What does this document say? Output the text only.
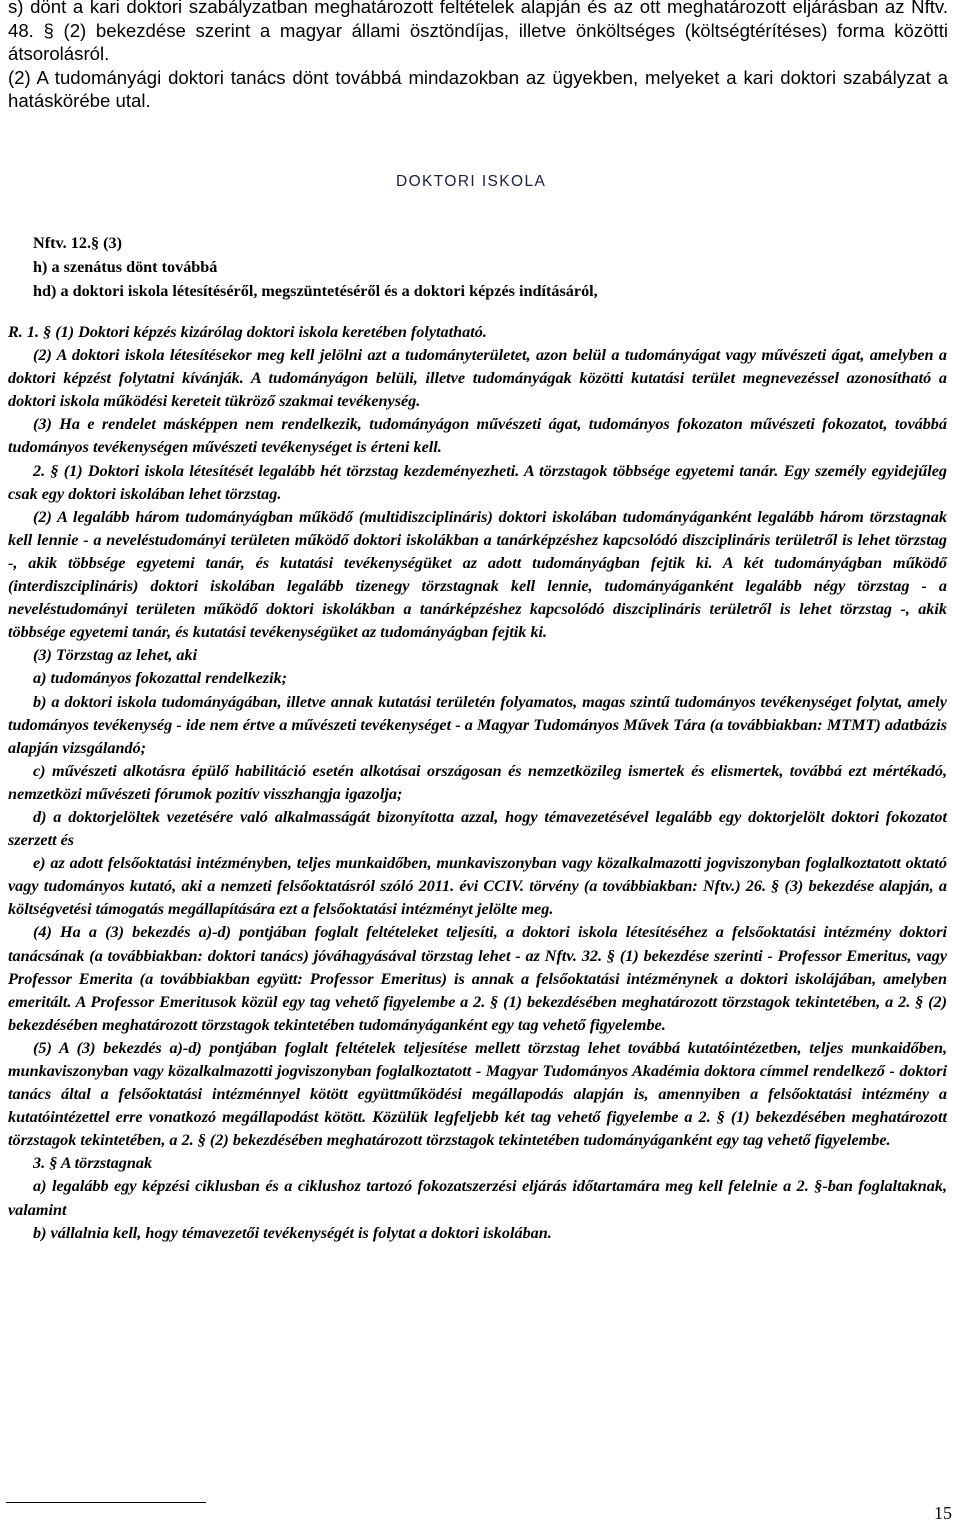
s) dönt a kari doktori szabályzatban meghatározott feltételek alapján és az ott meghatározott eljárásban az Nftv. 48. § (2) bekezdése szerint a magyar állami ösztöndíjas, illetve önköltséges (költségtérítéses) forma közötti átsorolásról.

(2) A tudományági doktori tanács dönt továbbá mindazokban az ügyekben, melyeket a kari doktori szabályzat a hatáskörébe utal.

DOKTORI ISKOLA

Nftv. 12.§ (3)

h) a szenátus dönt továbbá

hd) a doktori iskola létesítéséről, megszüntetéséről és a doktori képzés indításáról,

R. 1. § (1) Doktori képzés kizárólag doktori iskola keretében folytatható.

(2) A doktori iskola létesítésekor meg kell jelölni azt a tudományterületet, azon belül a tudományágat vagy művészeti ágat, amelyben a doktori képzést folytatni kívánják. A tudományágon belüli, illetve tudományágak közötti kutatási terület megnevezéssel azonosítható a doktori iskola működési kereteit tükröző szakmai tevékenység.

(3) Ha e rendelet másképpen nem rendelkezik, tudományágon művészeti ágat, tudományos fokozaton művészeti fokozatot, továbbá tudományos tevékenységen művészeti tevékenységet is érteni kell.

2. § (1) Doktori iskola létesítését legalább hét törzstag kezdeményezheti. A törzstagok többsége egyetemi tanár. Egy személy egyidejűleg csak egy doktori iskolában lehet törzstag.

(2) A legalább három tudományágban működő (multidiszciplináris) doktori iskolában tudományáganként legalább három törzstagnak kell lennie - a neveléstudományi területen működő doktori iskolákban a tanárképzéshez kapcsolódó diszciplináris területről is lehet törzstag -, akik többsége egyetemi tanár, és kutatási tevékenységüket az adott tudományágban fejtik ki. A két tudományágban működő (interdiszciplináris) doktori iskolában legalább tizenegy törzstagnak kell lennie, tudományáganként legalább négy törzstag - a neveléstudományi területen működő doktori iskolákban a tanárképzéshez kapcsolódó diszciplináris területről is lehet törzstag -, akik többsége egyetemi tanár, és kutatási tevékenységüket az tudományágban fejtik ki.

(3) Törzstag az lehet, aki

a) tudományos fokozattal rendelkezik;

b) a doktori iskola tudományágában, illetve annak kutatási területén folyamatos, magas szintű tudományos tevékenységet folytat, amely tudományos tevékenység - ide nem értve a művészeti tevékenységet - a Magyar Tudományos Művek Tára (a továbbiakban: MTMT) adatbázis alapján vizsgálandó;

c) művészeti alkotásra épülő habilitáció esetén alkotásai országosan és nemzetközileg ismertek és elismertek, továbbá ezt mértékadó, nemzetközi művészeti fórumok pozitív visszhangja igazolja;

d) a doktorjelöltek vezetésére való alkalmasságát bizonyította azzal, hogy témavezetésével legalább egy doktorjelölt doktori fokozatot szerzett és

e) az adott felsőoktatási intézményben, teljes munkaidőben, munkaviszonyban vagy közalkalmazotti jogviszonyban foglalkoztatott oktató vagy tudományos kutató, aki a nemzeti felsőoktatásról szóló 2011. évi CCIV. törvény (a továbbiakban: Nftv.) 26. § (3) bekezdése alapján, a költségvetési támogatás megállapítására ezt a felsőoktatási intézményt jelölte meg.

(4) Ha a (3) bekezdés a)-d) pontjában foglalt feltételeket teljesíti, a doktori iskola létesítéséhez a felsőoktatási intézmény doktori tanácsának (a továbbiakban: doktori tanács) jóváhagyásával törzstag lehet - az Nftv. 32. § (1) bekezdése szerinti - Professor Emeritus, vagy Professor Emerita (a továbbiakban együtt: Professor Emeritus) is annak a felsőoktatási intézménynek a doktori iskolájában, amelyben emeritált. A Professor Emeritusok közül egy tag vehető figyelembe a 2. § (1) bekezdésében meghatározott törzstagok tekintetében, a 2. § (2) bekezdésében meghatározott törzstagok tekintetében tudományáganként egy tag vehető figyelembe.

(5) A (3) bekezdés a)-d) pontjában foglalt feltételek teljesítése mellett törzstag lehet továbbá kutatóintézetben, teljes munkaidőben, munkaviszonyban vagy közalkalmazotti jogviszonyban foglalkoztatott - Magyar Tudományos Akadémia doktora címmel rendelkező - doktori tanács által a felsőoktatási intézménnyel kötött együttműködési megállapodás alapján is, amennyiben a felsőoktatási intézmény a kutatóintézettel erre vonatkozó megállapodást kötött. Közülük legfeljebb két tag vehető figyelembe a 2. § (1) bekezdésében meghatározott törzstagok tekintetében, a 2. § (2) bekezdésében meghatározott törzstagok tekintetében tudományáganként egy tag vehető figyelembe.

3. § A törzstagnak

a) legalább egy képzési ciklusban és a ciklushoz tartozó fokozatszerzési eljárás időtartamára meg kell felelnie a 2. §-ban foglaltaknak, valamint

b) vállalnia kell, hogy témavezetői tevékenységét is folytat a doktori iskolában.

15
